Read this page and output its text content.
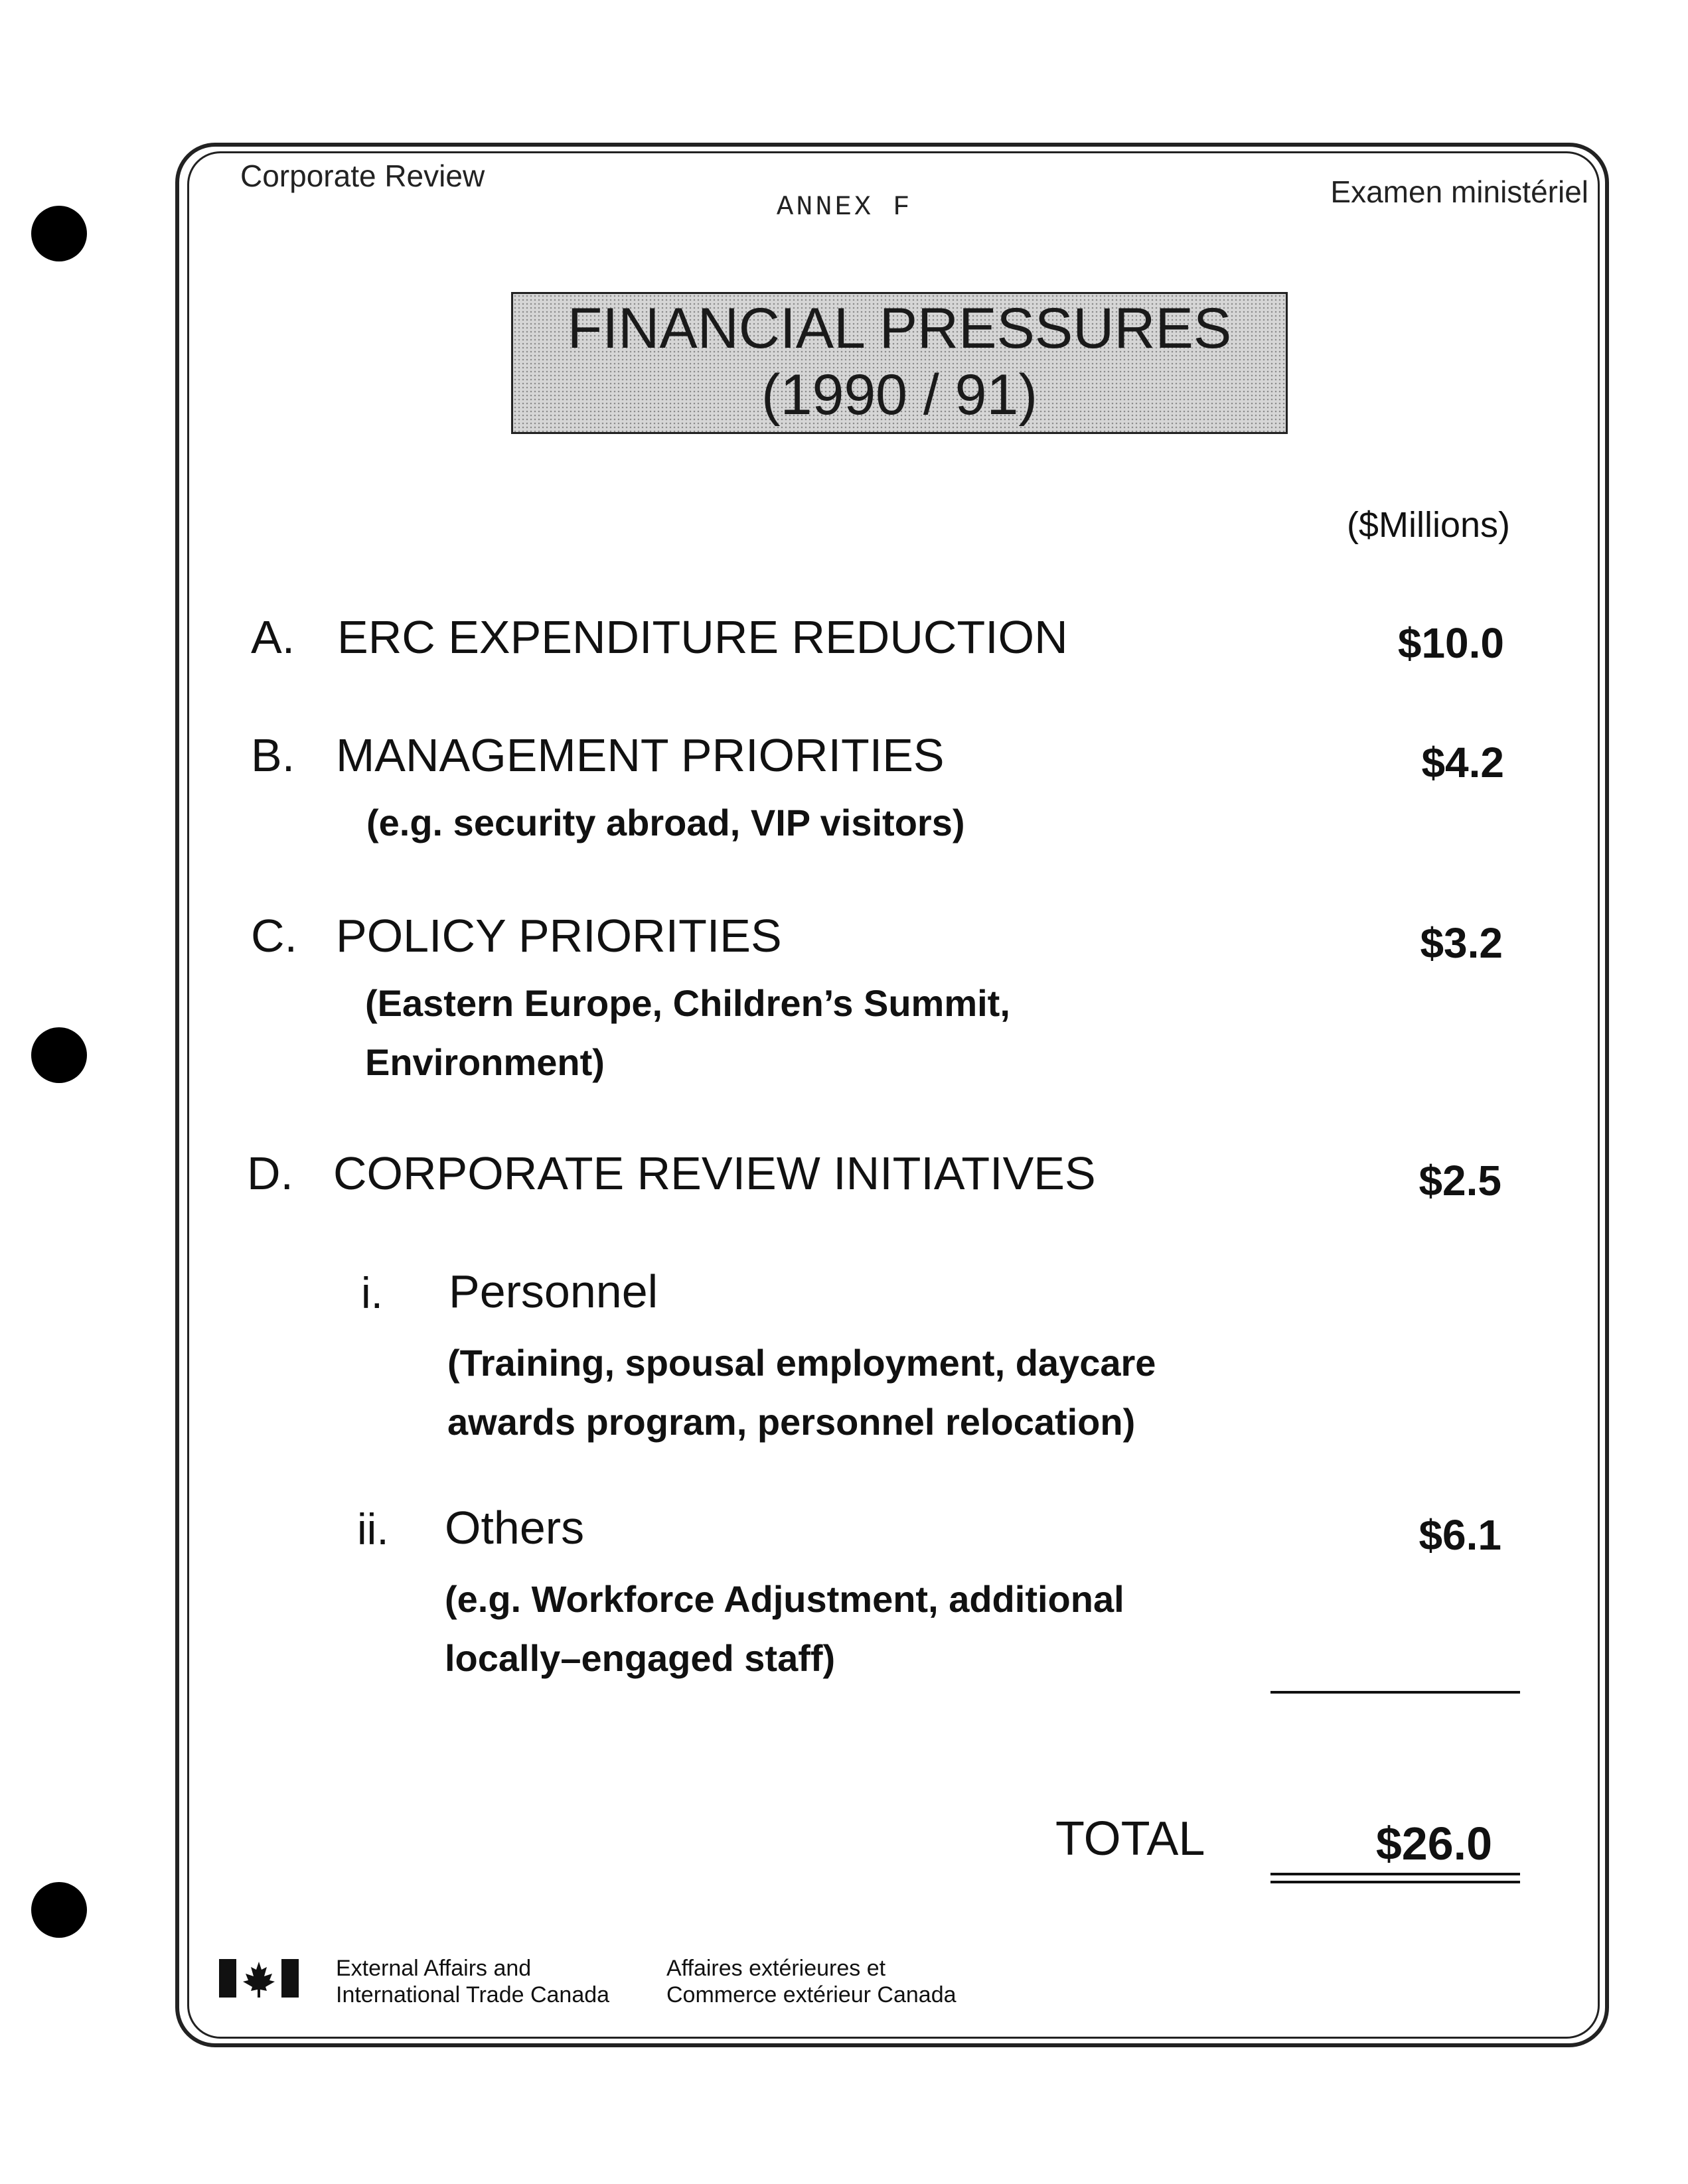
Corporate Review
ANNEX F	Examen ministériel
FINANCIAL PRESSURES
(1990 / 91)
($Millions)
A. ERC EXPENDITURE REDUCTION	$10.0
B. MANAGEMENT PRIORITIES
(e.g. security abroad, VIP visitors)
$4.2
C. POLICY PRIORITIES
(Eastern Europe, Children’s Summit,
Environment)
$3.2
D. CORPORATE REVIEW INITIATIVES	$2.5
i. Personnel
(Training, spousal employment, daycare
awards program, personnel relocation)
ii. Others
(e.g. Workforce Adjustment, additional
locally–engaged staff)
$6.1
TOTAL	$26.0
External Affairs and
International Trade Canada
Affaires extérieures et
Commerce extérieur Canada
